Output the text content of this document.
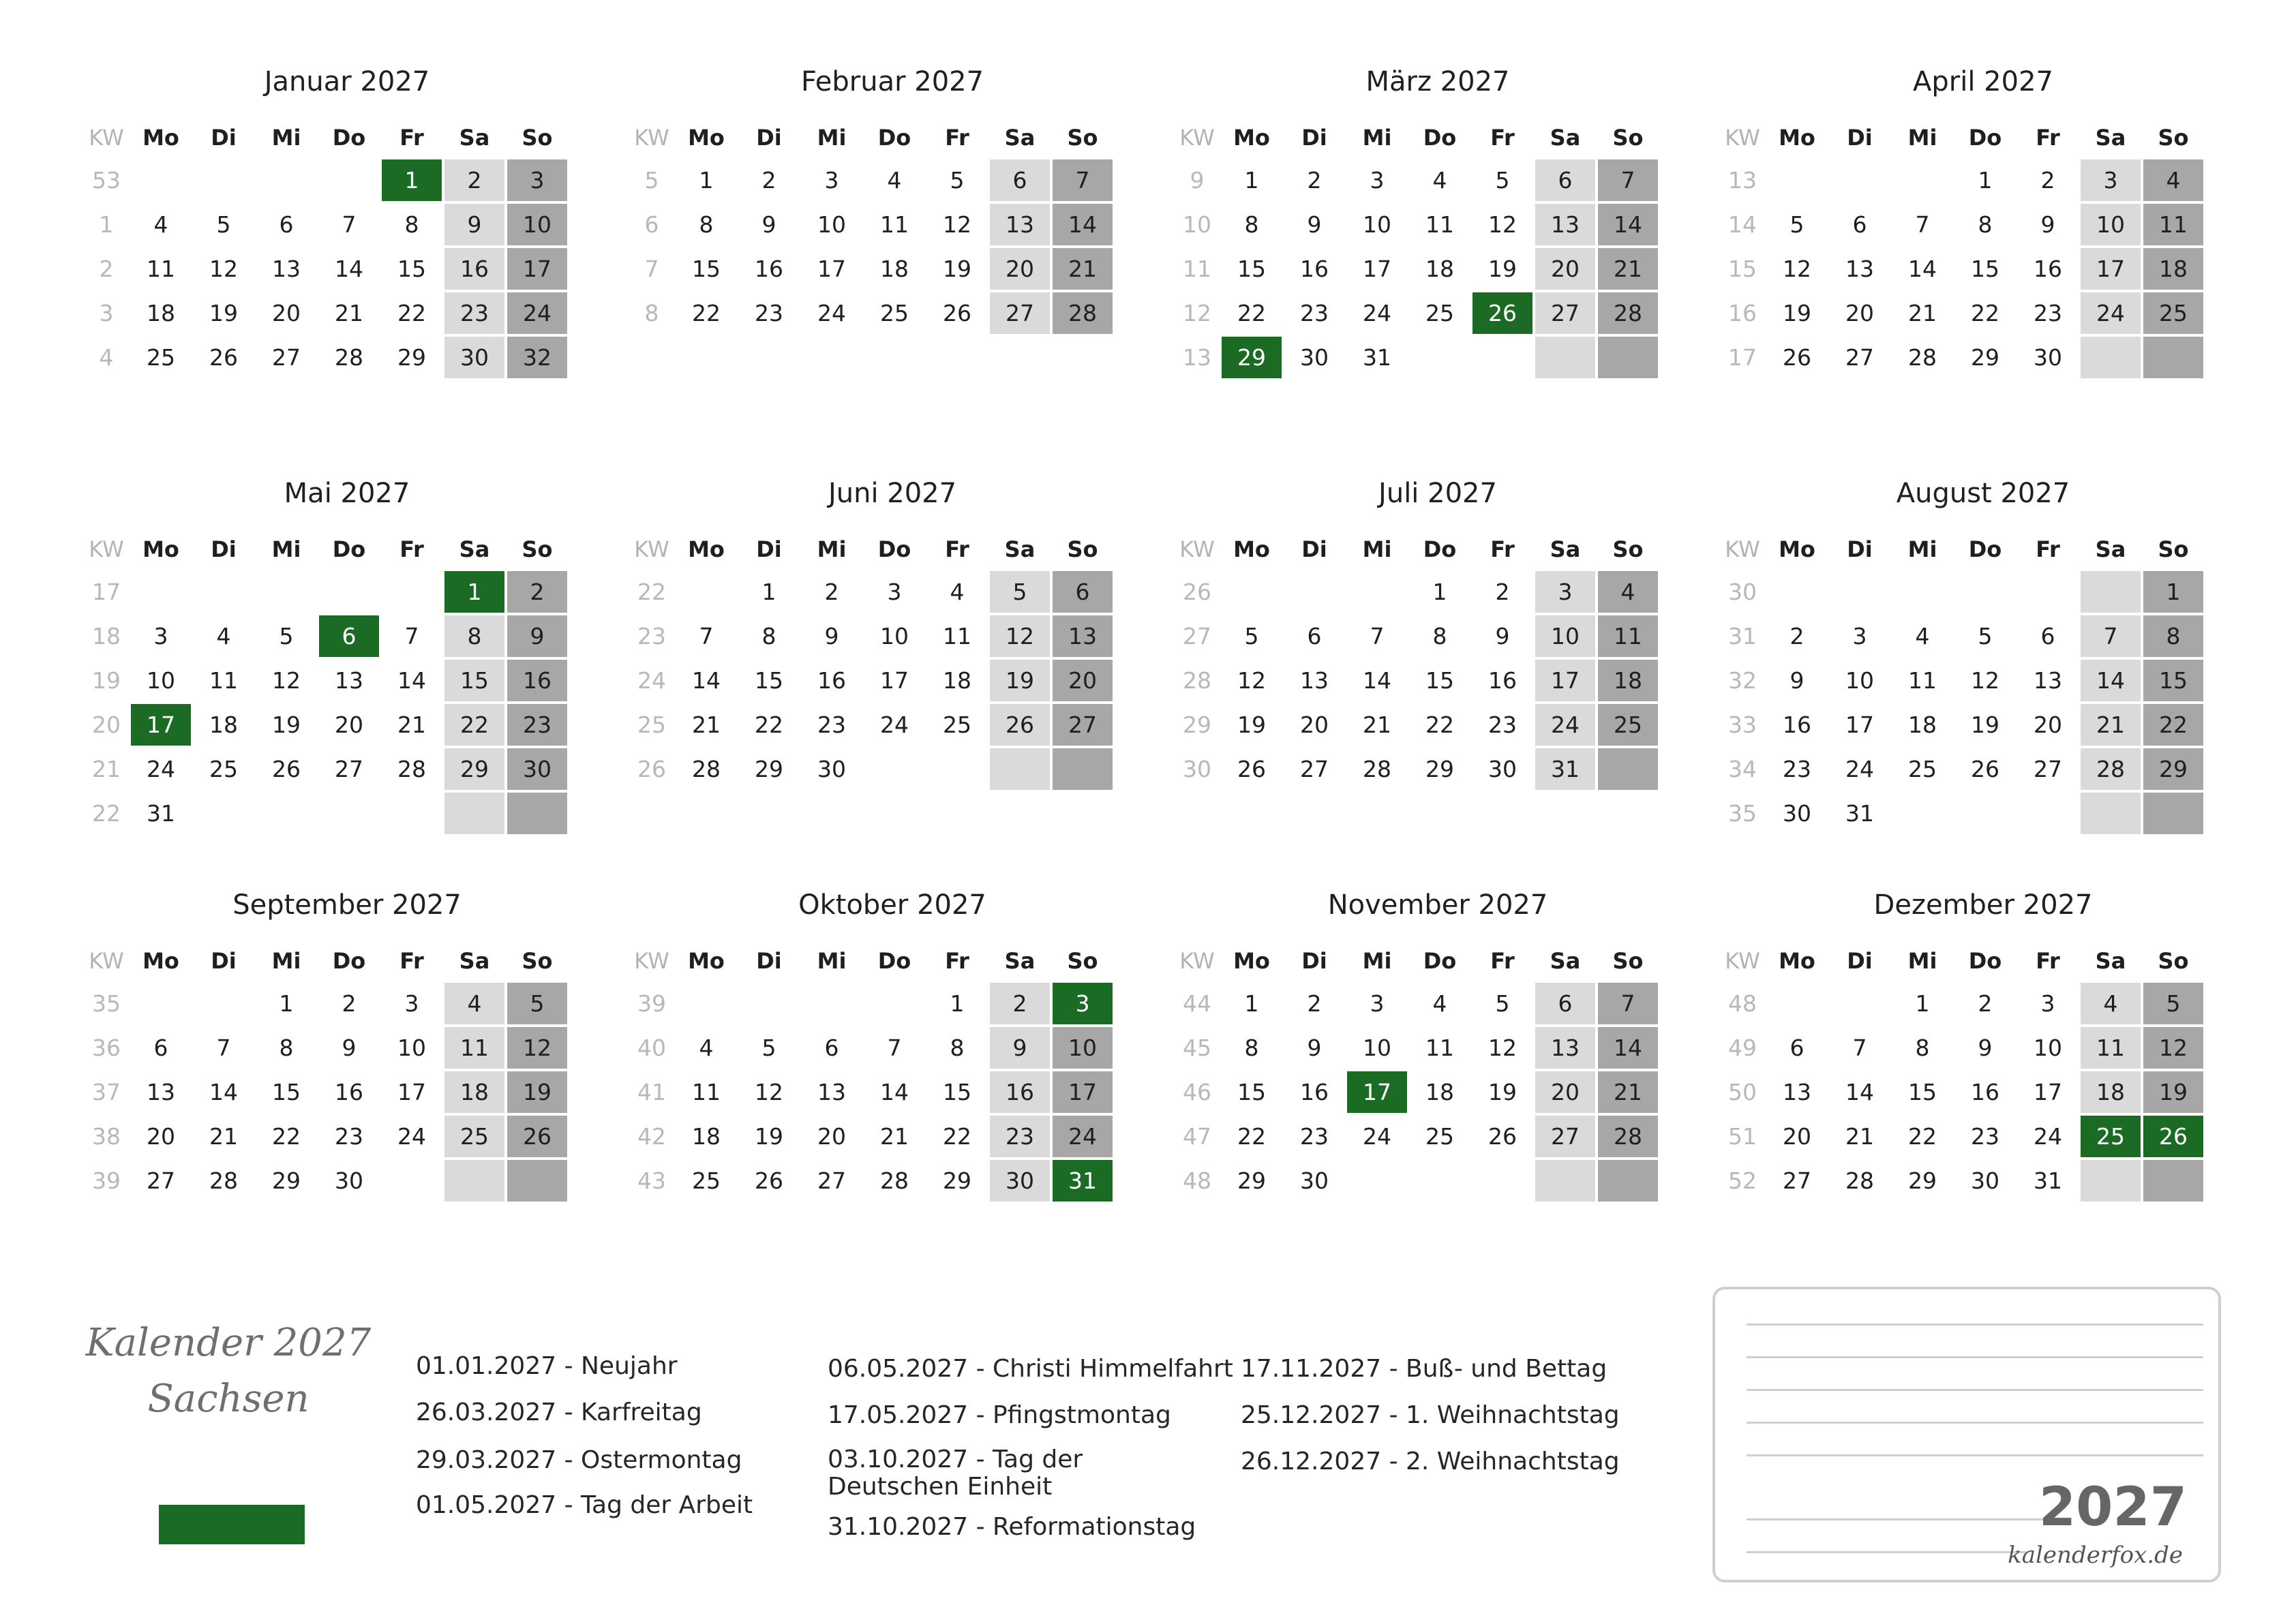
Januar 2027
KW	Mo	Di	Mi	Do	Fr	Sa	So
53					1	2	3
1	4	5	6	7	8	9	10
2	11	12	13	14	15	16	17
3	18	19	20	21	22	23	24
4	25	26	27	28	29	30	32
Februar 2027
KW	Mo	Di	Mi	Do	Fr	Sa	So
5	1	2	3	4	5	6	7
6	8	9	10	11	12	13	14
7	15	16	17	18	19	20	21
8	22	23	24	25	26	27	28
März 2027
KW	Mo	Di	Mi	Do	Fr	Sa	So
9	1	2	3	4	5	6	7
10	8	9	10	11	12	13	14
11	15	16	17	18	19	20	21
12	22	23	24	25	26	27	28
13	29	30	31				
April 2027
KW	Mo	Di	Mi	Do	Fr	Sa	So
13				1	2	3	4
14	5	6	7	8	9	10	11
15	12	13	14	15	16	17	18
16	19	20	21	22	23	24	25
17	26	27	28	29	30		
Mai 2027
KW	Mo	Di	Mi	Do	Fr	Sa	So
17						1	2
18	3	4	5	6	7	8	9
19	10	11	12	13	14	15	16
20	17	18	19	20	21	22	23
21	24	25	26	27	28	29	30
22	31						
Juni 2027
KW	Mo	Di	Mi	Do	Fr	Sa	So
22		1	2	3	4	5	6
23	7	8	9	10	11	12	13
24	14	15	16	17	18	19	20
25	21	22	23	24	25	26	27
26	28	29	30				
Juli 2027
KW	Mo	Di	Mi	Do	Fr	Sa	So
26				1	2	3	4
27	5	6	7	8	9	10	11
28	12	13	14	15	16	17	18
29	19	20	21	22	23	24	25
30	26	27	28	29	30	31	
August 2027
KW	Mo	Di	Mi	Do	Fr	Sa	So
30							1
31	2	3	4	5	6	7	8
32	9	10	11	12	13	14	15
33	16	17	18	19	20	21	22
34	23	24	25	26	27	28	29
35	30	31					
September 2027
KW	Mo	Di	Mi	Do	Fr	Sa	So
35			1	2	3	4	5
36	6	7	8	9	10	11	12
37	13	14	15	16	17	18	19
38	20	21	22	23	24	25	26
39	27	28	29	30			
Oktober 2027
KW	Mo	Di	Mi	Do	Fr	Sa	So
39					1	2	3
40	4	5	6	7	8	9	10
41	11	12	13	14	15	16	17
42	18	19	20	21	22	23	24
43	25	26	27	28	29	30	31
November 2027
KW	Mo	Di	Mi	Do	Fr	Sa	So
44	1	2	3	4	5	6	7
45	8	9	10	11	12	13	14
46	15	16	17	18	19	20	21
47	22	23	24	25	26	27	28
48	29	30					
Dezember 2027
KW	Mo	Di	Mi	Do	Fr	Sa	So
48			1	2	3	4	5
49	6	7	8	9	10	11	12
50	13	14	15	16	17	18	19
51	20	21	22	23	24	25	26
52	27	28	29	30	31		
Kalender 2027
Sachsen
01.01.2027 - Neujahr
26.03.2027 - Karfreitag
29.03.2027 - Ostermontag
01.05.2027 - Tag der Arbeit
06.05.2027 - Christi Himmelfahrt
17.05.2027 - Pfingstmontag
03.10.2027 - Tag der Deutschen Einheit
31.10.2027 - Reformationstag
17.11.2027 - Buß- und Bettag
25.12.2027 - 1. Weihnachtstag
26.12.2027 - 2. Weihnachtstag
2027
kalenderfox.de
